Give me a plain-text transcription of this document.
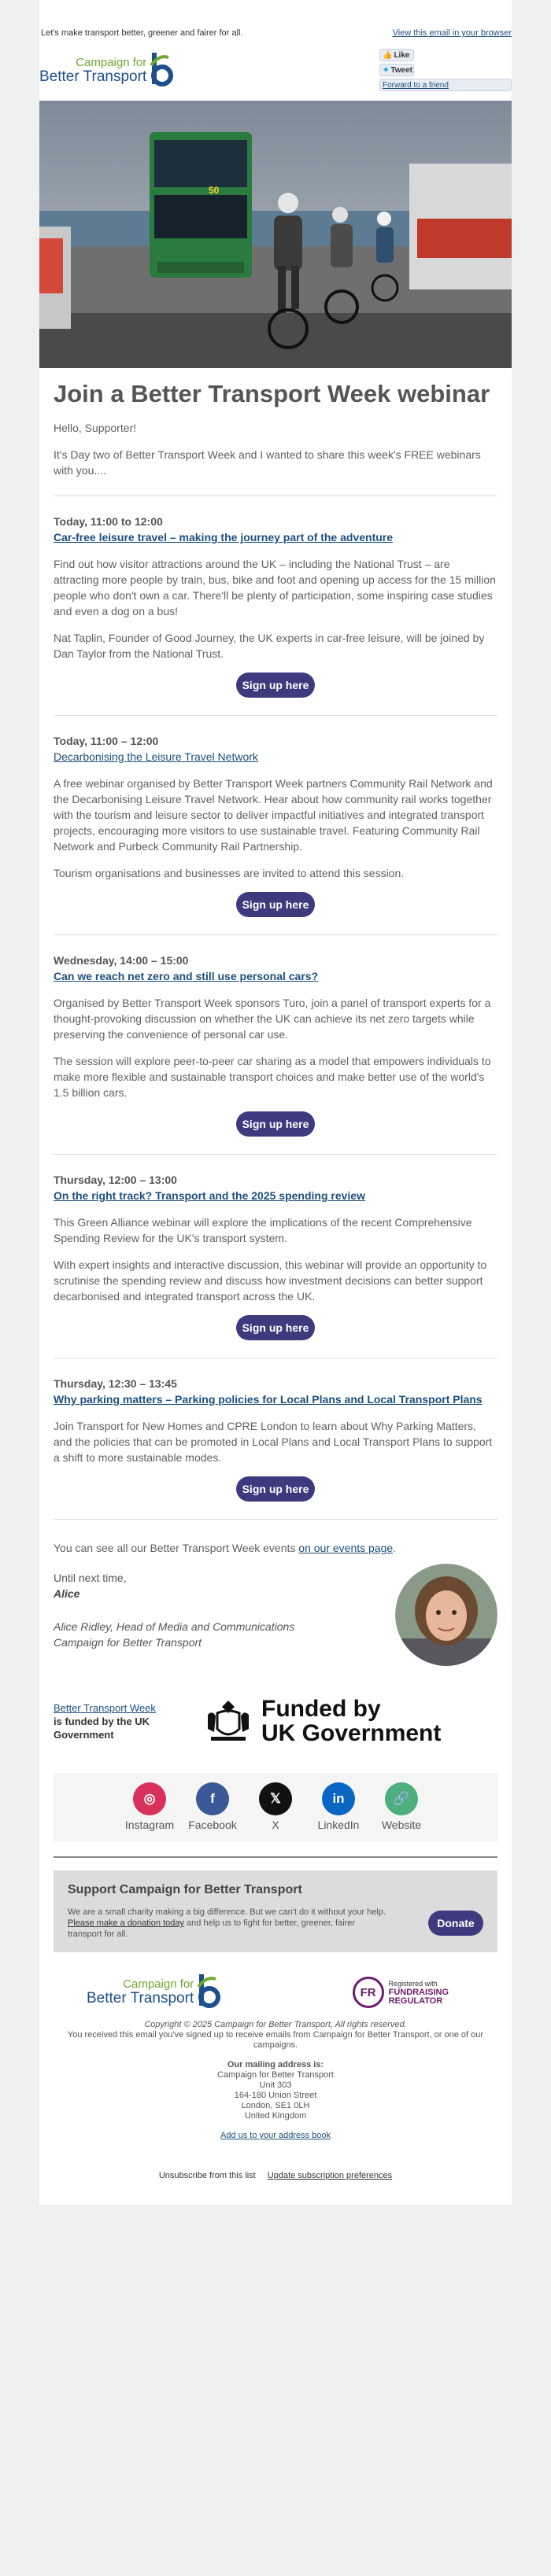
Let's make transport better, greener and fairer for all.	View this email in your browser
Campaign for
Better Transport
👍 Like
✦ Tweet
Forward to a friend
50
Join a Better Transport Week webinar

Hello, Supporter!

It's Day two of Better Transport Week and I wanted to share this week's FREE webinars with you....

Today, 11:00 to 12:00
Car-free leisure travel – making the journey part of the adventure

Find out how visitor attractions around the UK – including the National Trust – are attracting more people by train, bus, bike and foot and opening up access for the 15 million people who don't own a car. There'll be plenty of participation, some inspiring case studies and even a dog on a bus!

Nat Taplin, Founder of Good Journey, the UK experts in car-free leisure, will be joined by Dan Taylor from the National Trust.

Sign up here
Today, 11:00 – 12:00
Decarbonising the Leisure Travel Network

A free webinar organised by Better Transport Week partners Community Rail Network and the Decarbonising Leisure Travel Network. Hear about how community rail works together with the tourism and leisure sector to deliver impactful initiatives and integrated transport projects, encouraging more visitors to use sustainable travel. Featuring Community Rail Network and Purbeck Community Rail Partnership.

Tourism organisations and businesses are invited to attend this session.

Sign up here
Wednesday, 14:00 – 15:00
Can we reach net zero and still use personal cars?

Organised by Better Transport Week sponsors Turo, join a panel of transport experts for a thought-provoking discussion on whether the UK can achieve its net zero targets while preserving the convenience of personal car use.

The session will explore peer-to-peer car sharing as a model that empowers individuals to make more flexible and sustainable transport choices and make better use of the world's 1.5 billion cars.

Sign up here
Thursday, 12:00 – 13:00
On the right track? Transport and the 2025 spending review

This Green Alliance webinar will explore the implications of the recent Comprehensive Spending Review for the UK's transport system.

With expert insights and interactive discussion, this webinar will provide an opportunity to scrutinise the spending review and discuss how investment decisions can better support decarbonised and integrated transport across the UK.

Sign up here
Thursday, 12:30 – 13:45
Why parking matters – Parking policies for Local Plans and Local Transport Plans

Join Transport for New Homes and CPRE London to learn about Why Parking Matters, and the policies that can be promoted in Local Plans and Local Transport Plans to support a shift to more sustainable modes.

Sign up here

You can see all our Better Transport Week events on our events page.

Until next time,
Alice
Alice Ridley, Head of Media and Communications
Campaign for Better Transport
Better Transport Week
is funded by the UK Government
Funded by
UK Government
◎
Instagram
f
Facebook
𝕏
X
in
LinkedIn
🔗
Website
Support Campaign for Better Transport
We are a small charity making a big difference. But we can't do it without your help. Please make a donation today and help us to fight for better, greener, fairer transport for all.
Donate
Campaign for
Better Transport	FR
Registered with
FUNDRAISING
REGULATOR
Copyright © 2025 Campaign for Better Transport, All rights reserved.
You received this email you've signed up to receive emails from Campaign for Better Transport, or one of our campaigns.
Our mailing address is:
Campaign for Better Transport
Unit 303
164-180 Union Street
London, SE1 0LH
United Kingdom
Add us to your address book
Unsubscribe from this list Update subscription preferences
